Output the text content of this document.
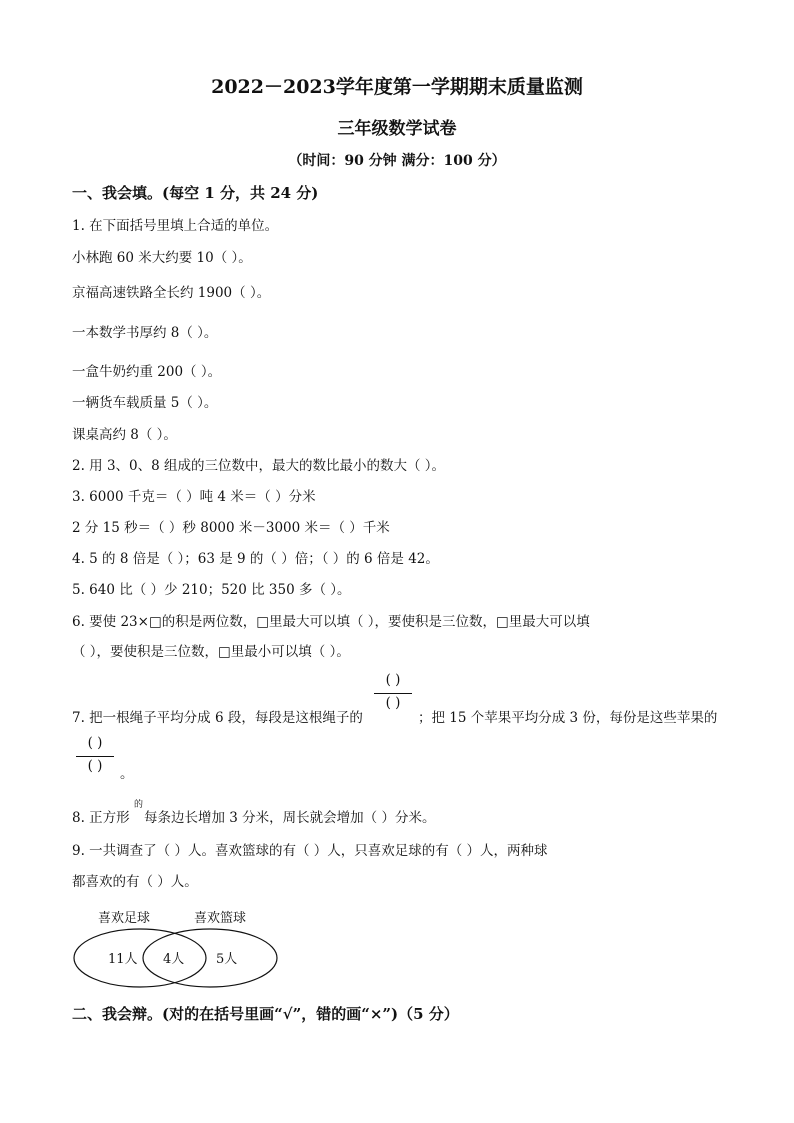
2022－2023学年度第一学期期末质量监测
三年级数学试卷
（时间：90 分钟 满分：100 分）
一、我会填。(每空 1 分，共 24 分)
1. 在下面括号里填上合适的单位。
小林跑 60 米大约要 10（ ）。
京福高速铁路全长约 1900（ ）。
一本数学书厚约 8（ ）。
一盒牛奶约重 200（ ）。
一辆货车载质量 5（ ）。
课桌高约 8（ ）。
2. 用 3、0、8 组成的三位数中，最大的数比最小的数大（ ）。
3. 6000 千克＝（ ）吨 4 米＝（ ）分米
2 分 15 秒＝（ ）秒 8000 米－3000 米＝（ ）千米
4. 5 的 8 倍是（ ）；63 是 9 的（ ）倍；（ ）的 6 倍是 42。
5. 640 比（ ）少 210；520 比 350 多（ ）。
6. 要使 23×□的积是两位数，□里最大可以填（ ），要使积是三位数，□里最大可以填
（ ），要使积是三位数，□里最小可以填（ ）。
7. 把一根绳子平均分成 6 段，每段是这根绳子的
( )
( )
；把 15 个苹果平均分成 3 份，每份是这些苹果的
( )
( )	。
8. 正方形
的
每条边长增加 3 分米，周长就会增加（ ）分米。
9. 一共调查了（ ）人。喜欢篮球的有（ ）人，只喜欢足球的有（ ）人，两种球
都喜欢的有（ ）人。
喜欢足球	喜欢篮球
11人 4人 5人
二、我会辩。(对的在括号里画“√”，错的画“×”)（5 分）
